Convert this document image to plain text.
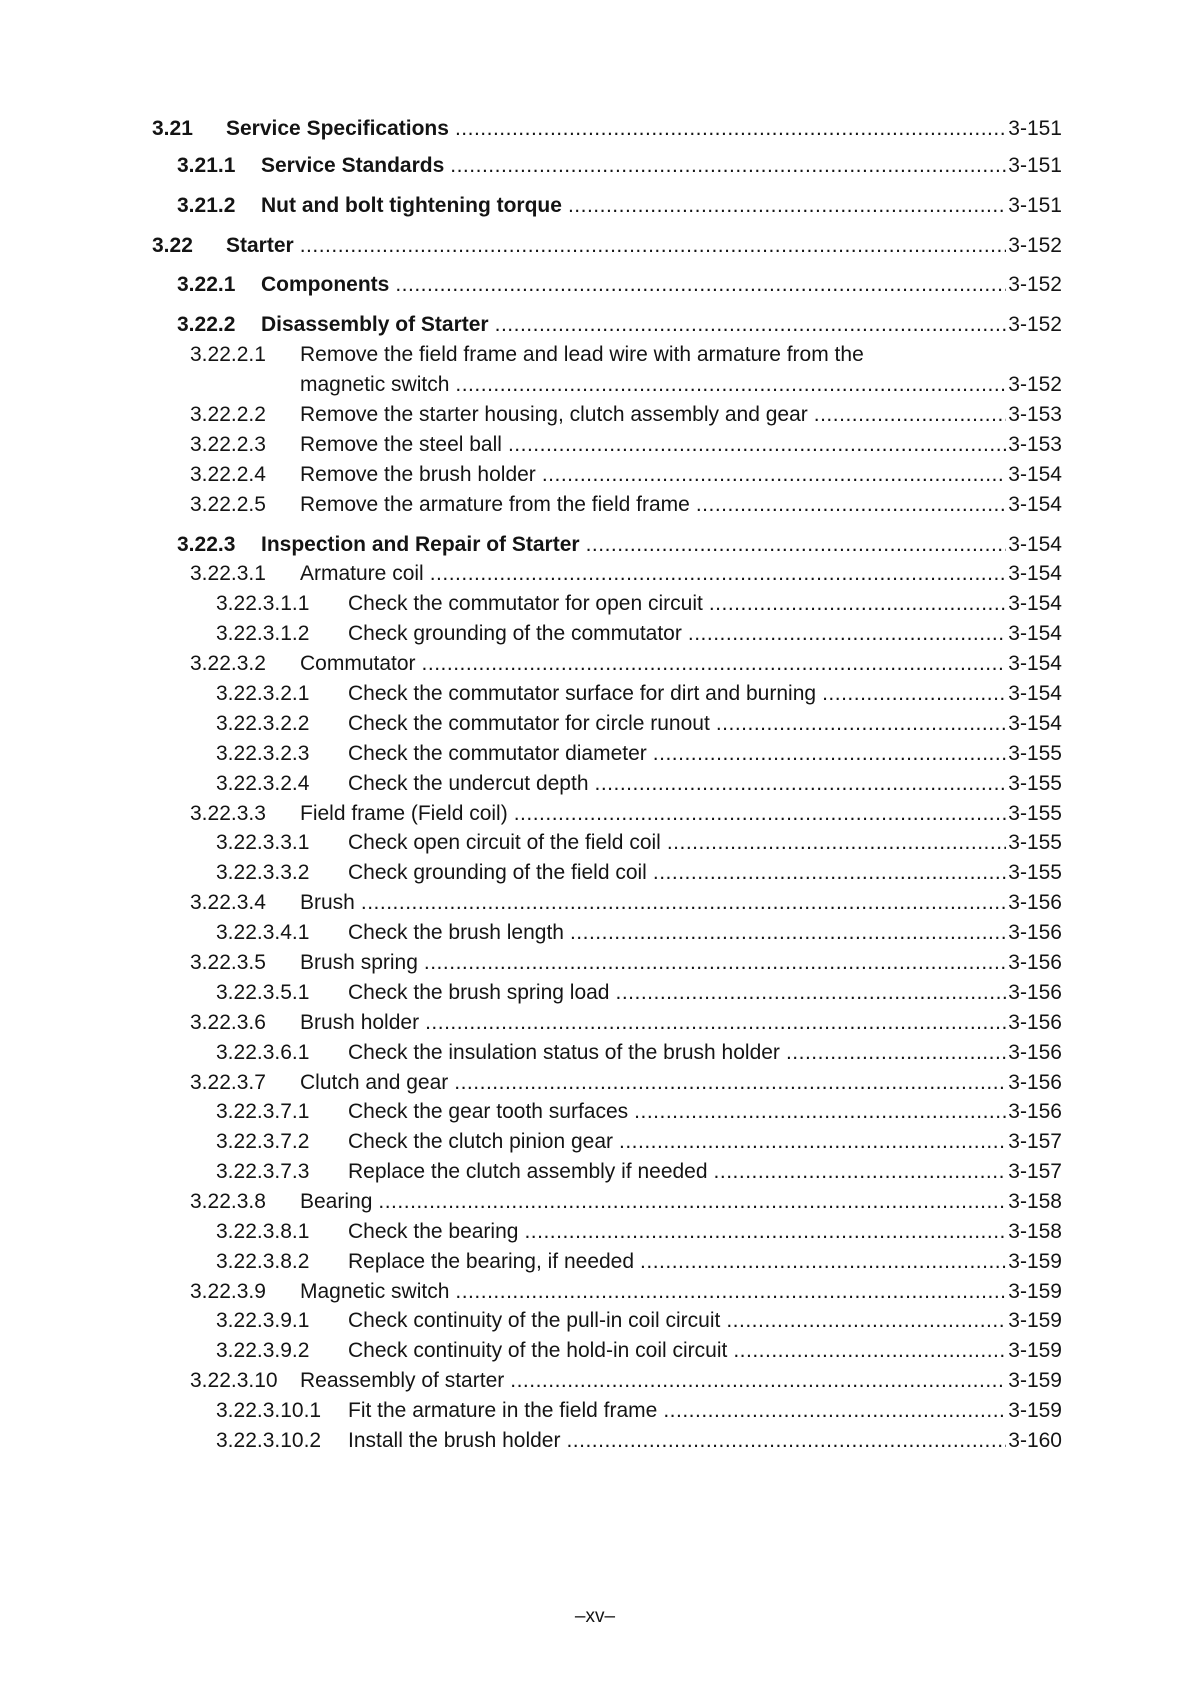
3.21	Service Specifications .....	3-151
3.21.1	Service Standards .....	3-151
3.21.2	Nut and bolt tightening torque .....	3-151
3.22	Starter .....	3-152
3.22.1	Components .....	3-152
3.22.2	Disassembly of Starter .....	3-152
3.22.2.1	Remove the field frame and lead wire with armature from the
magnetic switch .....	3-152
3.22.2.2	Remove the starter housing, clutch assembly and gear .....	3-153
3.22.2.3	Remove the steel ball .....	3-153
3.22.2.4	Remove the brush holder .....	3-154
3.22.2.5	Remove the armature from the field frame .....	3-154
3.22.3	Inspection and Repair of Starter .....	3-154
3.22.3.1	Armature coil .....	3-154
3.22.3.1.1	Check the commutator for open circuit .....	3-154
3.22.3.1.2	Check grounding of the commutator .....	3-154
3.22.3.2	Commutator .....	3-154
3.22.3.2.1	Check the commutator surface for dirt and burning .....	3-154
3.22.3.2.2	Check the commutator for circle runout .....	3-154
3.22.3.2.3	Check the commutator diameter .....	3-155
3.22.3.2.4	Check the undercut depth .....	3-155
3.22.3.3	Field frame (Field coil) .....	3-155
3.22.3.3.1	Check open circuit of the field coil .....	3-155
3.22.3.3.2	Check grounding of the field coil .....	3-155
3.22.3.4	Brush .....	3-156
3.22.3.4.1	Check the brush length .....	3-156
3.22.3.5	Brush spring .....	3-156
3.22.3.5.1	Check the brush spring load .....	3-156
3.22.3.6	Brush holder .....	3-156
3.22.3.6.1	Check the insulation status of the brush holder .....	3-156
3.22.3.7	Clutch and gear .....	3-156
3.22.3.7.1	Check the gear tooth surfaces .....	3-156
3.22.3.7.2	Check the clutch pinion gear .....	3-157
3.22.3.7.3	Replace the clutch assembly if needed .....	3-157
3.22.3.8	Bearing .....	3-158
3.22.3.8.1	Check the bearing .....	3-158
3.22.3.8.2	Replace the bearing, if needed .....	3-159
3.22.3.9	Magnetic switch .....	3-159
3.22.3.9.1	Check continuity of the pull-in coil circuit .....	3-159
3.22.3.9.2	Check continuity of the hold-in coil circuit .....	3-159
3.22.3.10	Reassembly of starter .....	3-159
3.22.3.10.1	Fit the armature in the field frame .....	3-159
3.22.3.10.2	Install the brush holder .....	3-160
–xv–
